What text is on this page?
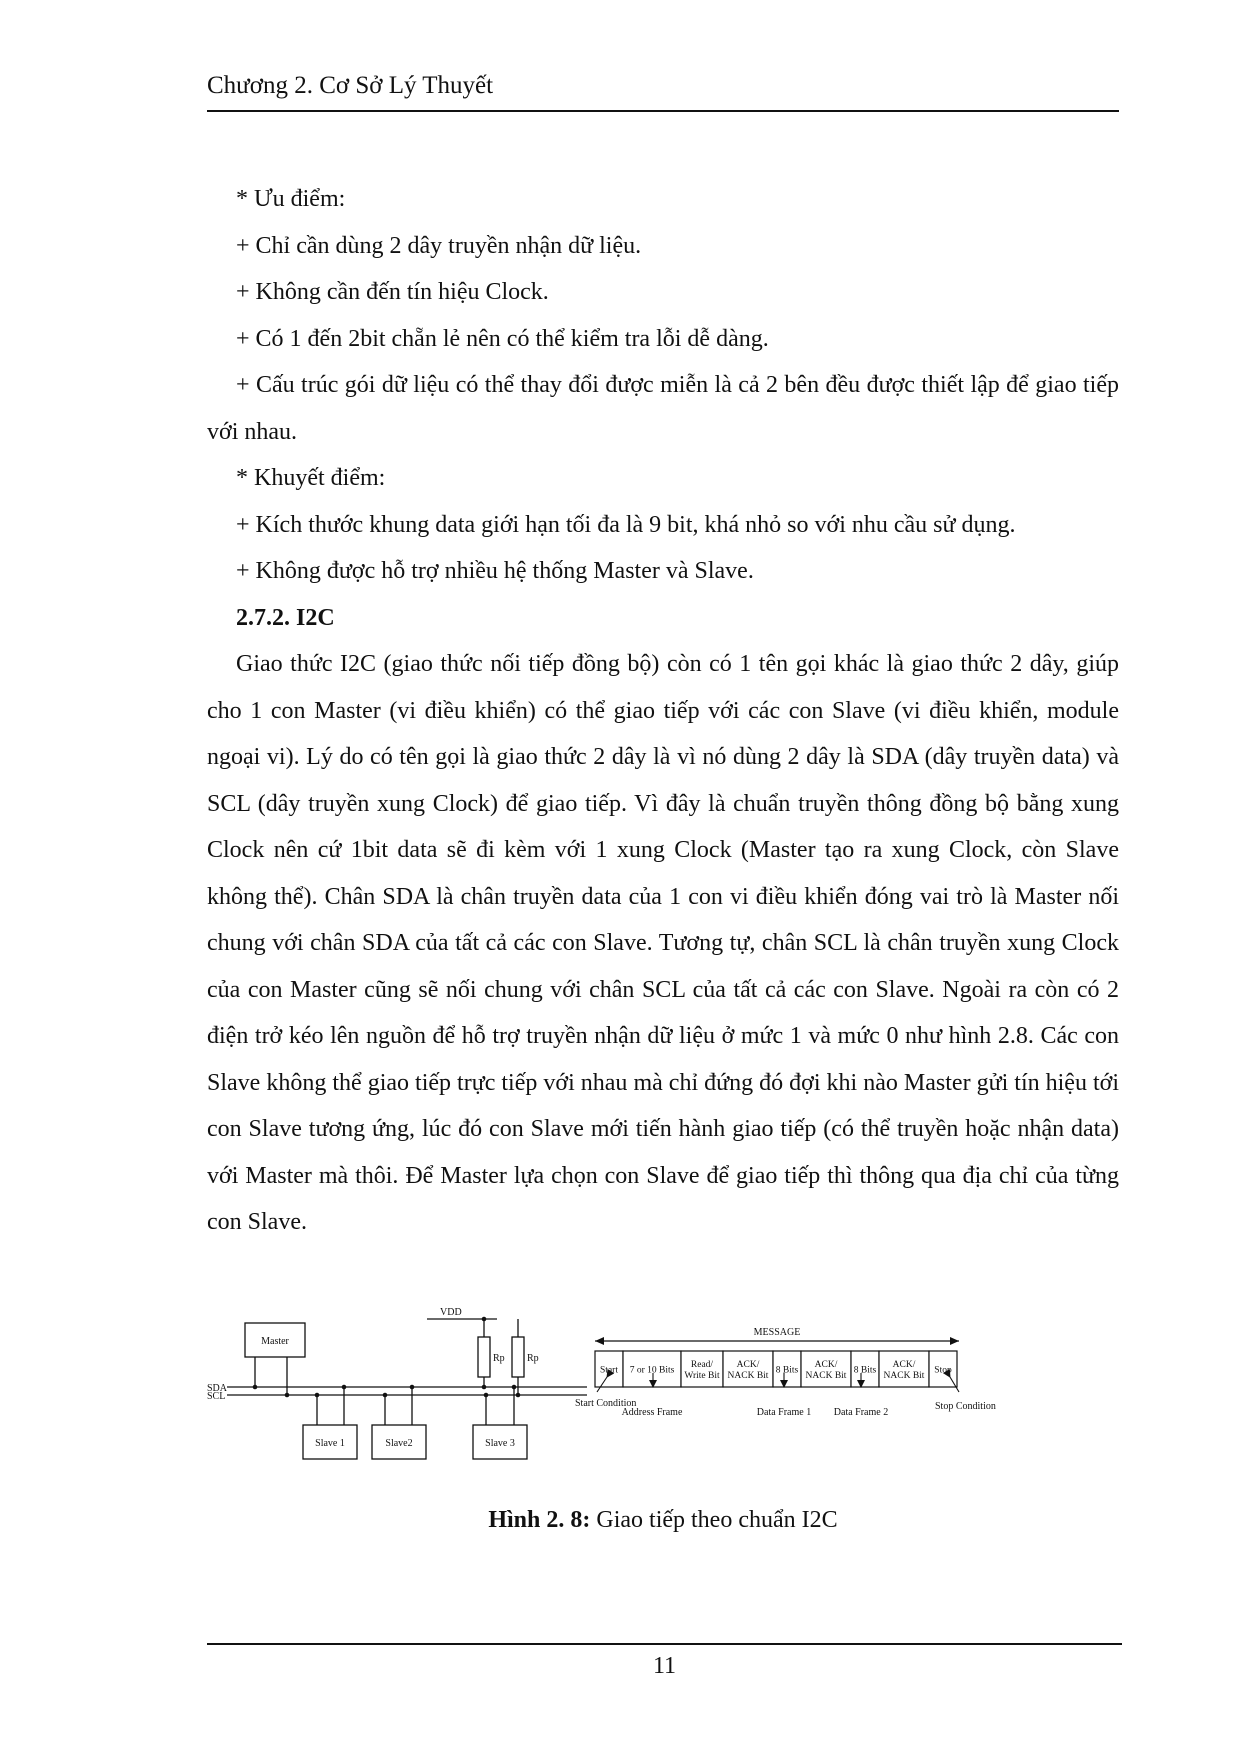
Chương 2. Cơ Sở Lý Thuyết

* Ưu điểm:

+ Chỉ cần dùng 2 dây truyền nhận dữ liệu.

+ Không cần đến tín hiệu Clock.

+ Có 1 đến 2bit chẵn lẻ nên có thể kiểm tra lỗi dễ dàng.

+ Cấu trúc gói dữ liệu có thể thay đổi được miễn là cả 2 bên đều được thiết lập để giao tiếp với nhau.

* Khuyết điểm:

+ Kích thước khung data giới hạn tối đa là 9 bit, khá nhỏ so với nhu cầu sử dụng.

+ Không được hỗ trợ nhiều hệ thống Master và Slave.

2.7.2. I2C

Giao thức I2C (giao thức nối tiếp đồng bộ) còn có 1 tên gọi khác là giao thức 2 dây, giúp cho 1 con Master (vi điều khiển) có thể giao tiếp với các con Slave (vi điều khiển, module ngoại vi). Lý do có tên gọi là giao thức 2 dây là vì nó dùng 2 dây là SDA (dây truyền data) và SCL (dây truyền xung Clock) để giao tiếp. Vì đây là chuẩn truyền thông đồng bộ bằng xung Clock nên cứ 1bit data sẽ đi kèm với 1 xung Clock (Master tạo ra xung Clock, còn Slave không thể). Chân SDA là chân truyền data của 1 con vi điều khiển đóng vai trò là Master nối chung với chân SDA của tất cả các con Slave. Tương tự, chân SCL là chân truyền xung Clock của con Master cũng sẽ nối chung với chân SCL của tất cả các con Slave. Ngoài ra còn có 2 điện trở kéo lên nguồn để hỗ trợ truyền nhận dữ liệu ở mức 1 và mức 0 như hình 2.8. Các con Slave không thể giao tiếp trực tiếp với nhau mà chỉ đứng đó đợi khi nào Master gửi tín hiệu tới con Slave tương ứng, lúc đó con Slave mới tiến hành giao tiếp (có thể truyền hoặc nhận data) với Master mà thôi. Để Master lựa chọn con Slave để giao tiếp thì thông qua địa chỉ của từng con Slave.

VDD
Master
SDA
SCL
Rp Rp
Slave 1	Slave2	Slave 3
MESSAGE
Start 7 or 10 Bits
Read/ Write Bit
ACK/ NACK Bit
8 Bits
ACK/ NACK Bit
8 Bits
ACK/ NACK Bit
Stop
Start Condition
Address Frame	Data Frame 1 Data Frame 2
Stop Condition
Hình 2. 8: Giao tiếp theo chuẩn I2C
11
